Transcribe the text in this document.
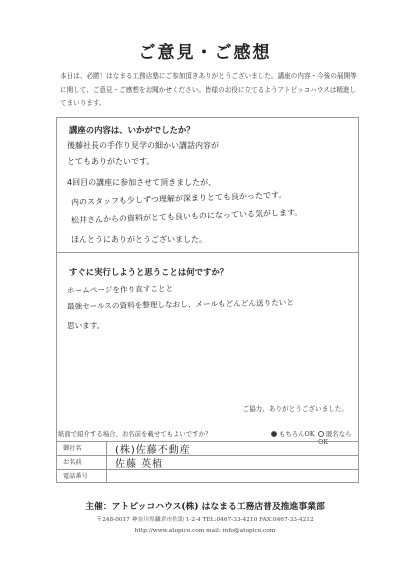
ご意見・ご感想
本日は、必勝！はなまる工務店塾にご参加頂きありがとうございました。講座の内容・今後の展開等に関して、ご意見・ご感想をお聞かせください。皆様のお役に立てるようアトピッコハウスは精進してまいります。
講座の内容は、いかがでしたか？
後藤社長の手作り見学の細かい講話内容が
とてもありがたいです。
4回目の講座に参加させて頂きましたが、
内のスタッフも少しずつ理解が深まりとても良かったです。
松井さんからの資料がとても良いものになっている気がします。
ほんとうにありがとうございました。
すぐに実行しようと思うことは何ですか？
ホームページを作り直すことと
最強セールスの資料を整理しなおし、メールもどんどん送りたいと
思います。
ご協力、ありがとうございました。
紙面で紹介する場合、お名前を載せてもよいですか？	もちろんOK	匿名ならOK
御社名	(株)佐藤不動産
お名前	佐藤 英植
電話番号
主催：アトピッコハウス(株) はなまる工務店普及推進事業部
〒248-0017 神奈川県鎌倉市佐助 1-2-4 TEL:0467-33-4210 FAX:0467-33-4212
http://www.atopico.com mail: info@atopico.com
